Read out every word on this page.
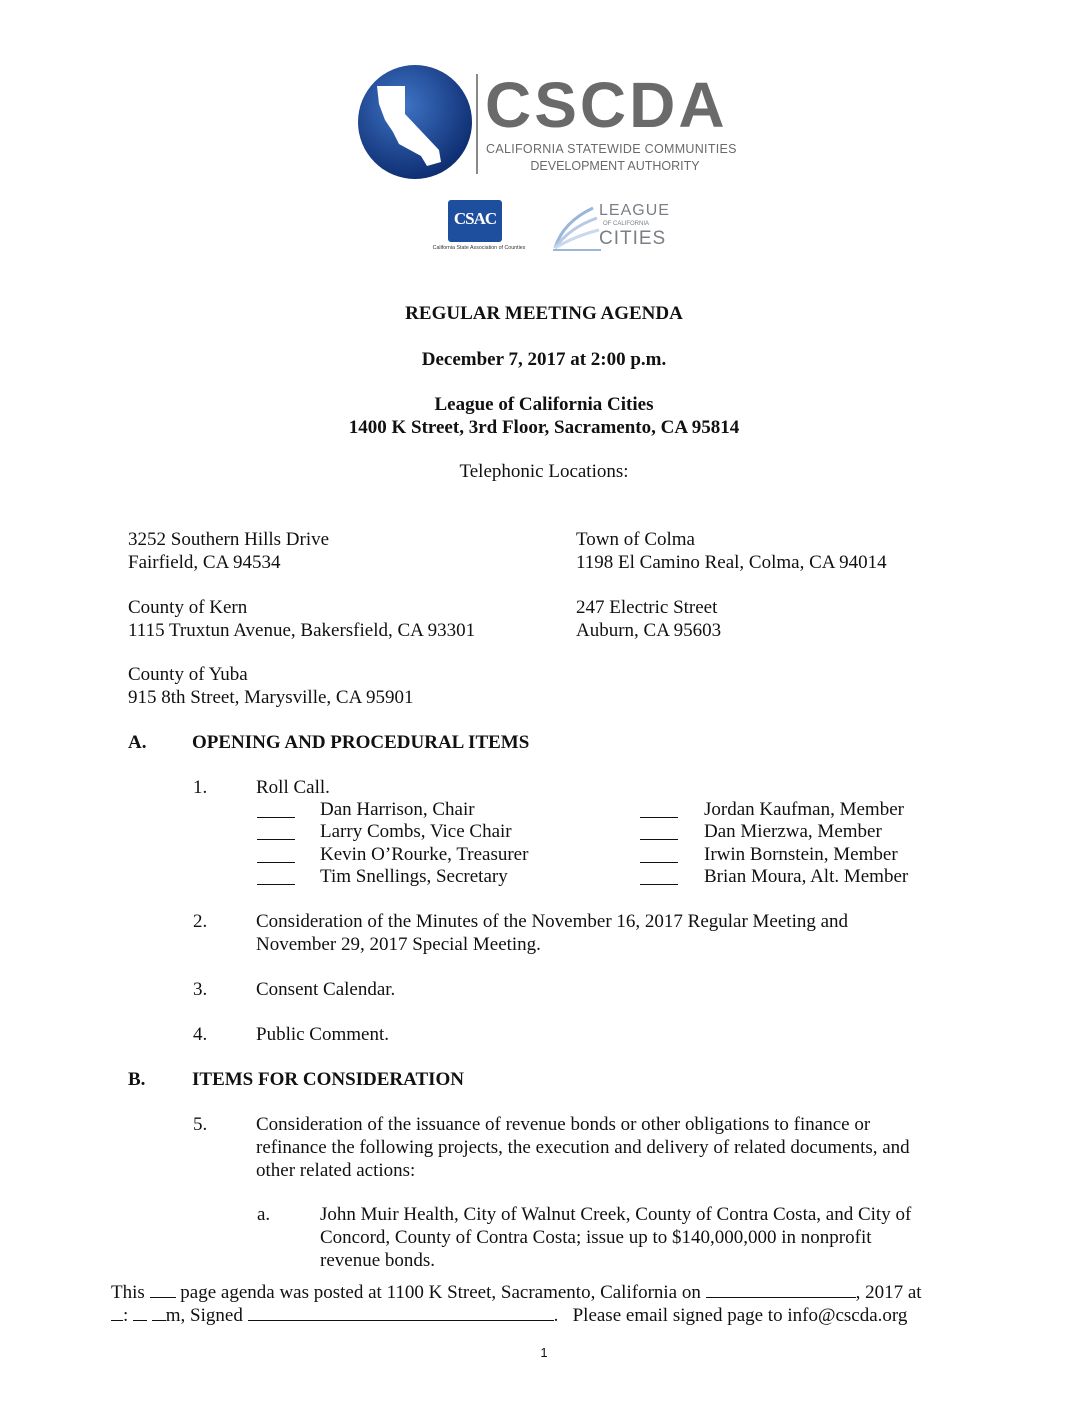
CSCDA
CALIFORNIA STATEWIDE COMMUNITIES
DEVELOPMENT AUTHORITY
CSAC
California State Association of Counties
LEAGUE
OF CALIFORNIA
CITIES
REGULAR MEETING AGENDA
December 7, 2017 at 2:00 p.m.
League of California Cities
1400 K Street, 3rd Floor, Sacramento, CA 95814
Telephonic Locations:
3252 Southern Hills Drive
Fairfield, CA 94534
County of Kern
1115 Truxtun Avenue, Bakersfield, CA 93301
County of Yuba
915 8th Street, Marysville, CA 95901
Town of Colma
1198 El Camino Real, Colma, CA 94014
247 Electric Street
Auburn, CA 95603
A. OPENING AND PROCEDURAL ITEMS
1.	Roll Call.
Dan Harrison, Chair
Larry Combs, Vice Chair
Kevin O’Rourke, Treasurer
Tim Snellings, Secretary
Jordan Kaufman, Member
Dan Mierzwa, Member
Irwin Bornstein, Member
Brian Moura, Alt. Member
2.	Consideration of the Minutes of the November 16, 2017 Regular Meeting and
November 29, 2017 Special Meeting.
3.	Consent Calendar.
4.	Public Comment.
B. ITEMS FOR CONSIDERATION
5.	Consideration of the issuance of revenue bonds or other obligations to finance or
refinance the following projects, the execution and delivery of related documents, and
other related actions:
a.	John Muir Health, City of Walnut Creek, County of Contra Costa, and City of
Concord, County of Contra Costa; issue up to $140,000,000 in nonprofit
revenue bonds.
This page agenda was posted at 1100 K Street, Sacramento, California on	, 2017 at
: m, Signed	. Please email signed page to info@cscda.org
1
